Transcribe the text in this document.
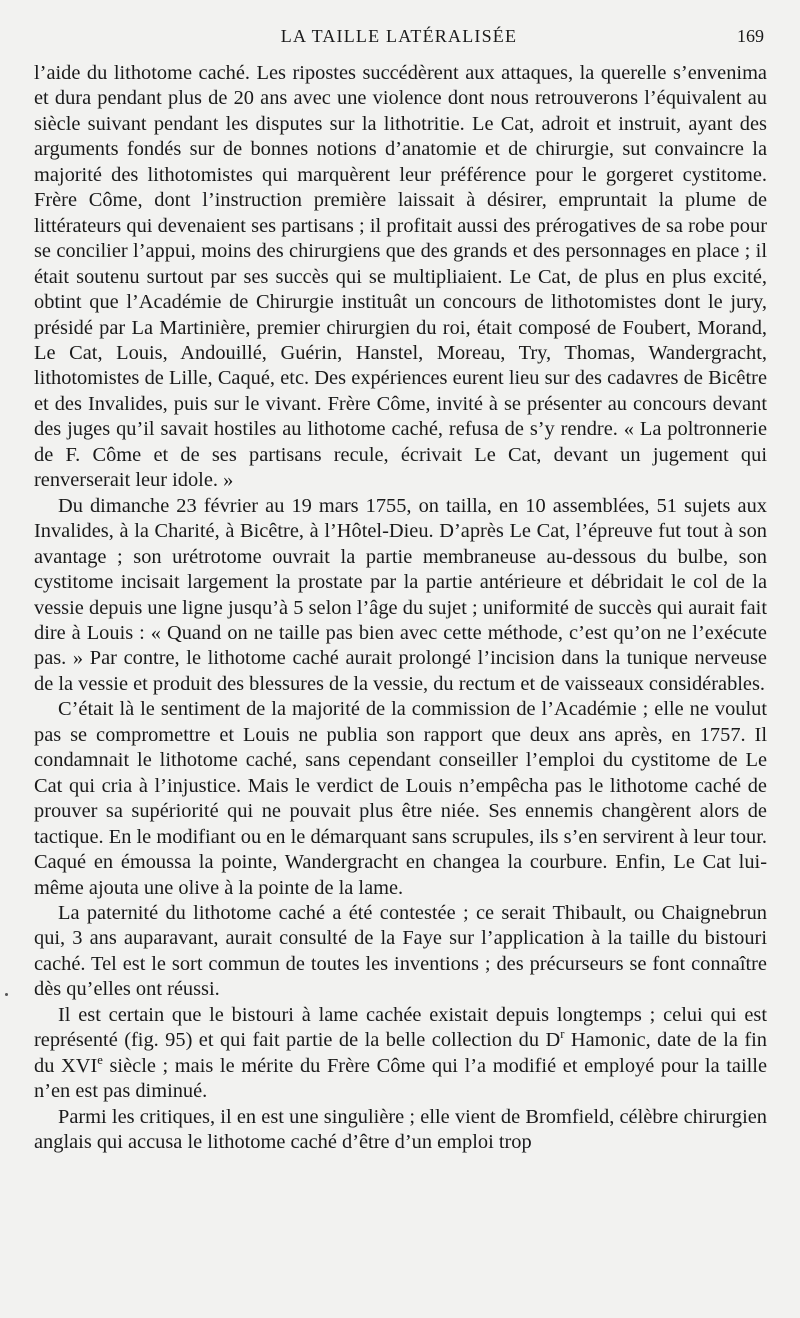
LA TAILLE LATÉRALISÉE	169

l’aide du lithotome caché. Les ripostes succédèrent aux attaques, la querelle s’envenima et dura pendant plus de 20 ans avec une violence dont nous retrouverons l’équivalent au siècle suivant pendant les disputes sur la lithotritie. Le Cat, adroit et instruit, ayant des arguments fondés sur de bonnes notions d’anatomie et de chirurgie, sut convaincre la majorité des lithotomistes qui marquèrent leur préférence pour le gorgeret cystitome. Frère Côme, dont l’instruction première laissait à désirer, empruntait la plume de littérateurs qui devenaient ses partisans ; il profitait aussi des prérogatives de sa robe pour se concilier l’appui, moins des chirurgiens que des grands et des personnages en place ; il était soutenu surtout par ses succès qui se multipliaient. Le Cat, de plus en plus excité, obtint que l’Académie de Chirurgie instituât un concours de lithotomistes dont le jury, présidé par La Martinière, premier chirurgien du roi, était composé de Foubert, Morand, Le Cat, Louis, Andouillé, Guérin, Hanstel, Moreau, Try, Thomas, Wandergracht, lithotomistes de Lille, Caqué, etc. Des expériences eurent lieu sur des cadavres de Bicêtre et des Invalides, puis sur le vivant. Frère Côme, invité à se présenter au concours devant des juges qu’il savait hostiles au lithotome caché, refusa de s’y rendre. « La poltronnerie de F. Côme et de ses partisans recule, écrivait Le Cat, devant un jugement qui renverserait leur idole. »

Du dimanche 23 février au 19 mars 1755, on tailla, en 10 assemblées, 51 sujets aux Invalides, à la Charité, à Bicêtre, à l’Hôtel-Dieu. D’après Le Cat, l’épreuve fut tout à son avantage ; son urétrotome ouvrait la partie membraneuse au-dessous du bulbe, son cystitome incisait largement la prostate par la partie antérieure et débridait le col de la vessie depuis une ligne jusqu’à 5 selon l’âge du sujet ; uniformité de succès qui aurait fait dire à Louis : « Quand on ne taille pas bien avec cette méthode, c’est qu’on ne l’exécute pas. » Par contre, le lithotome caché aurait prolongé l’incision dans la tunique nerveuse de la vessie et produit des blessures de la vessie, du rectum et de vaisseaux considérables.

C’était là le sentiment de la majorité de la commission de l’Académie ; elle ne voulut pas se compromettre et Louis ne publia son rapport que deux ans après, en 1757. Il condamnait le lithotome caché, sans cependant conseiller l’emploi du cystitome de Le Cat qui cria à l’injustice. Mais le verdict de Louis n’empêcha pas le lithotome caché de prouver sa supériorité qui ne pouvait plus être niée. Ses ennemis changèrent alors de tactique. En le modifiant ou en le démarquant sans scrupules, ils s’en servirent à leur tour. Caqué en émoussa la pointe, Wandergracht en changea la courbure. Enfin, Le Cat lui-même ajouta une olive à la pointe de la lame.

La paternité du lithotome caché a été contestée ; ce serait Thibault, ou Chaignebrun qui, 3 ans auparavant, aurait consulté de la Faye sur l’application à la taille du bistouri caché. Tel est le sort commun de toutes les inventions ; des précurseurs se font connaître dès qu’elles ont réussi.

Il est certain que le bistouri à lame cachée existait depuis longtemps ; celui qui est représenté (fig. 95) et qui fait partie de la belle collection du $D^r$ Hamonic, date de la fin du XVIe siècle ; mais le mérite du Frère Côme qui l’a modifié et employé pour la taille n’en est pas diminué.

Parmi les critiques, il en est une singulière ; elle vient de Bromfield, célèbre chirurgien anglais qui accusa le lithotome caché d’être d’un emploi trop
